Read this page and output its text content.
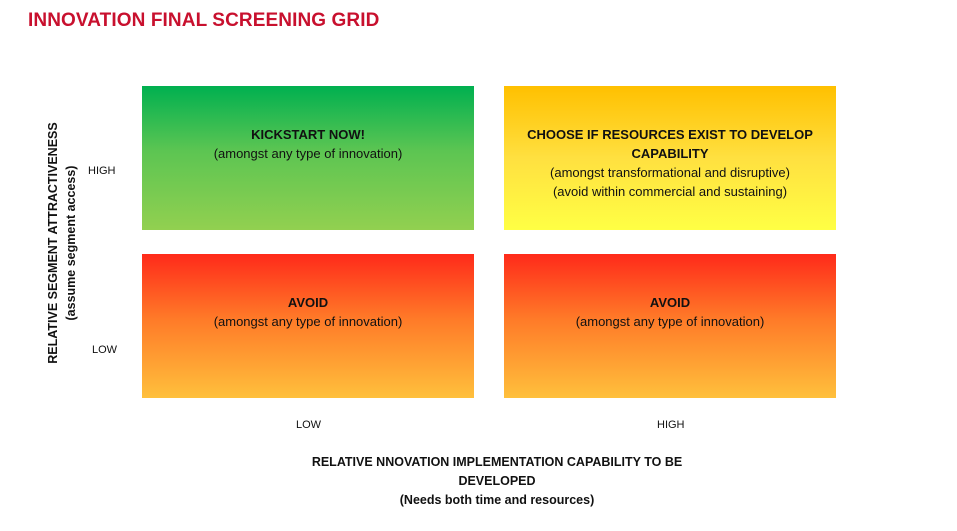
INNOVATION FINAL SCREENING GRID
KICKSTART NOW!
(amongst any type of innovation)
CHOOSE IF RESOURCES EXIST TO DEVELOP CAPABILITY
(amongst transformational and disruptive)
(avoid within commercial and sustaining)
AVOID
(amongst any type of innovation)
AVOID
(amongst any type of innovation)
HIGH
LOW
LOW	HIGH
RELATIVE SEGMENT ATTRACTIVENESS (assume segment access)
RELATIVE NNOVATION IMPLEMENTATION CAPABILITY TO BE DEVELOPED
(Needs both time and resources)
